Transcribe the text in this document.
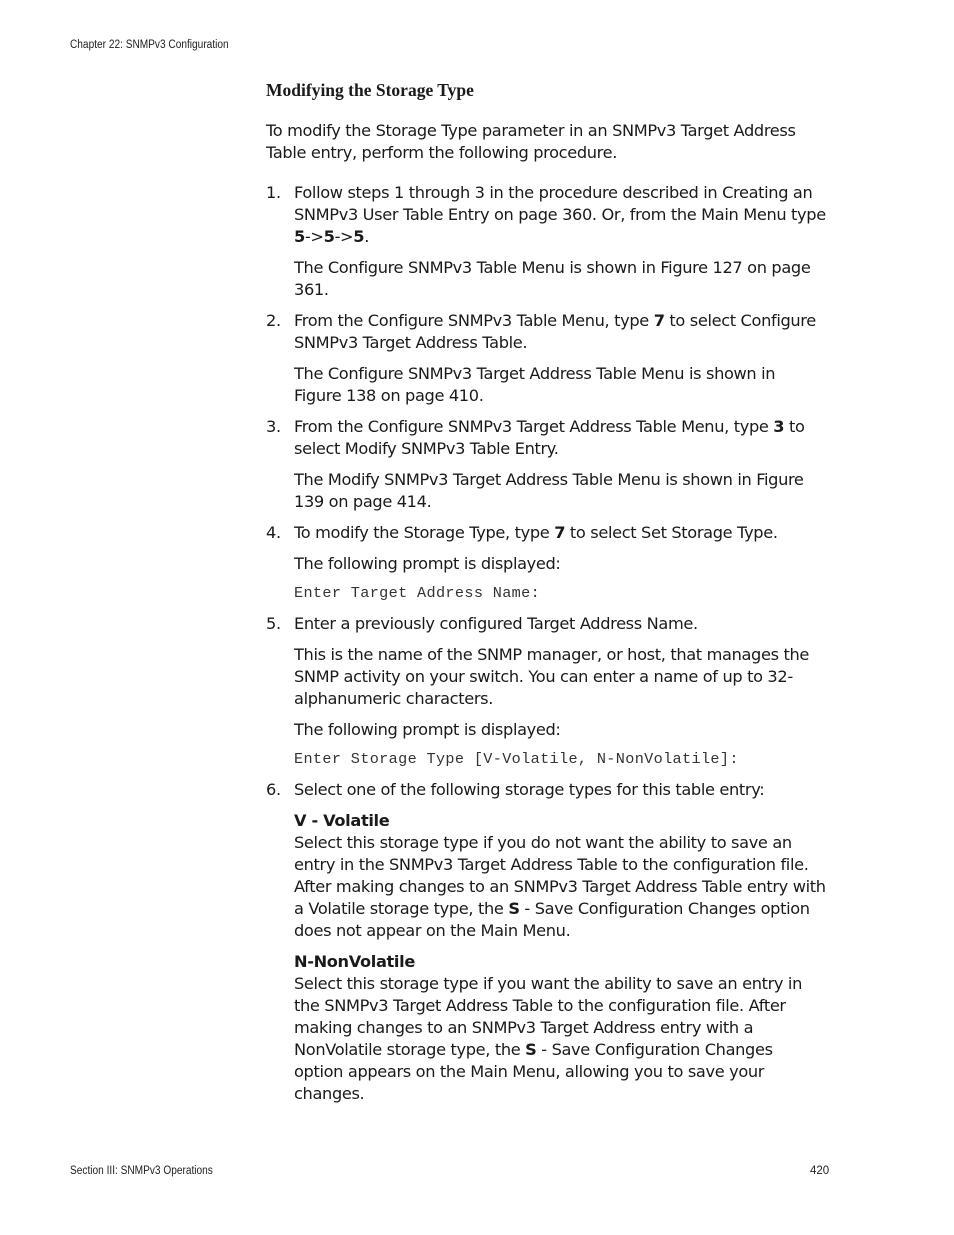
Chapter 22: SNMPv3 Configuration
Modifying the Storage Type

To modify the Storage Type parameter in an SNMPv3 Target Address Table entry, perform the following procedure.

1. Follow steps 1 through 3 in the procedure described in Creating an SNMPv3 User Table Entry on page 360. Or, from the Main Menu type 5->5->5.

The Configure SNMPv3 Table Menu is shown in Figure 127 on page 361.

2. From the Configure SNMPv3 Table Menu, type 7 to select Configure SNMPv3 Target Address Table.

The Configure SNMPv3 Target Address Table Menu is shown in Figure 138 on page 410.

3. From the Configure SNMPv3 Target Address Table Menu, type 3 to select Modify SNMPv3 Table Entry.

The Modify SNMPv3 Target Address Table Menu is shown in Figure 139 on page 414.

4. To modify the Storage Type, type 7 to select Set Storage Type.

The following prompt is displayed:

Enter Target Address Name:

5. Enter a previously configured Target Address Name.

This is the name of the SNMP manager, or host, that manages the SNMP activity on your switch. You can enter a name of up to 32-alphanumeric characters.

The following prompt is displayed:

Enter Storage Type [V-Volatile, N-NonVolatile]:

6. Select one of the following storage types for this table entry:

V - Volatile

Select this storage type if you do not want the ability to save an entry in the SNMPv3 Target Address Table to the configuration file. After making changes to an SNMPv3 Target Address Table entry with a Volatile storage type, the S - Save Configuration Changes option does not appear on the Main Menu.

N-NonVolatile

Select this storage type if you want the ability to save an entry in the SNMPv3 Target Address Table to the configuration file. After making changes to an SNMPv3 Target Address entry with a NonVolatile storage type, the S - Save Configuration Changes option appears on the Main Menu, allowing you to save your changes.

Section III: SNMPv3 Operations	420
